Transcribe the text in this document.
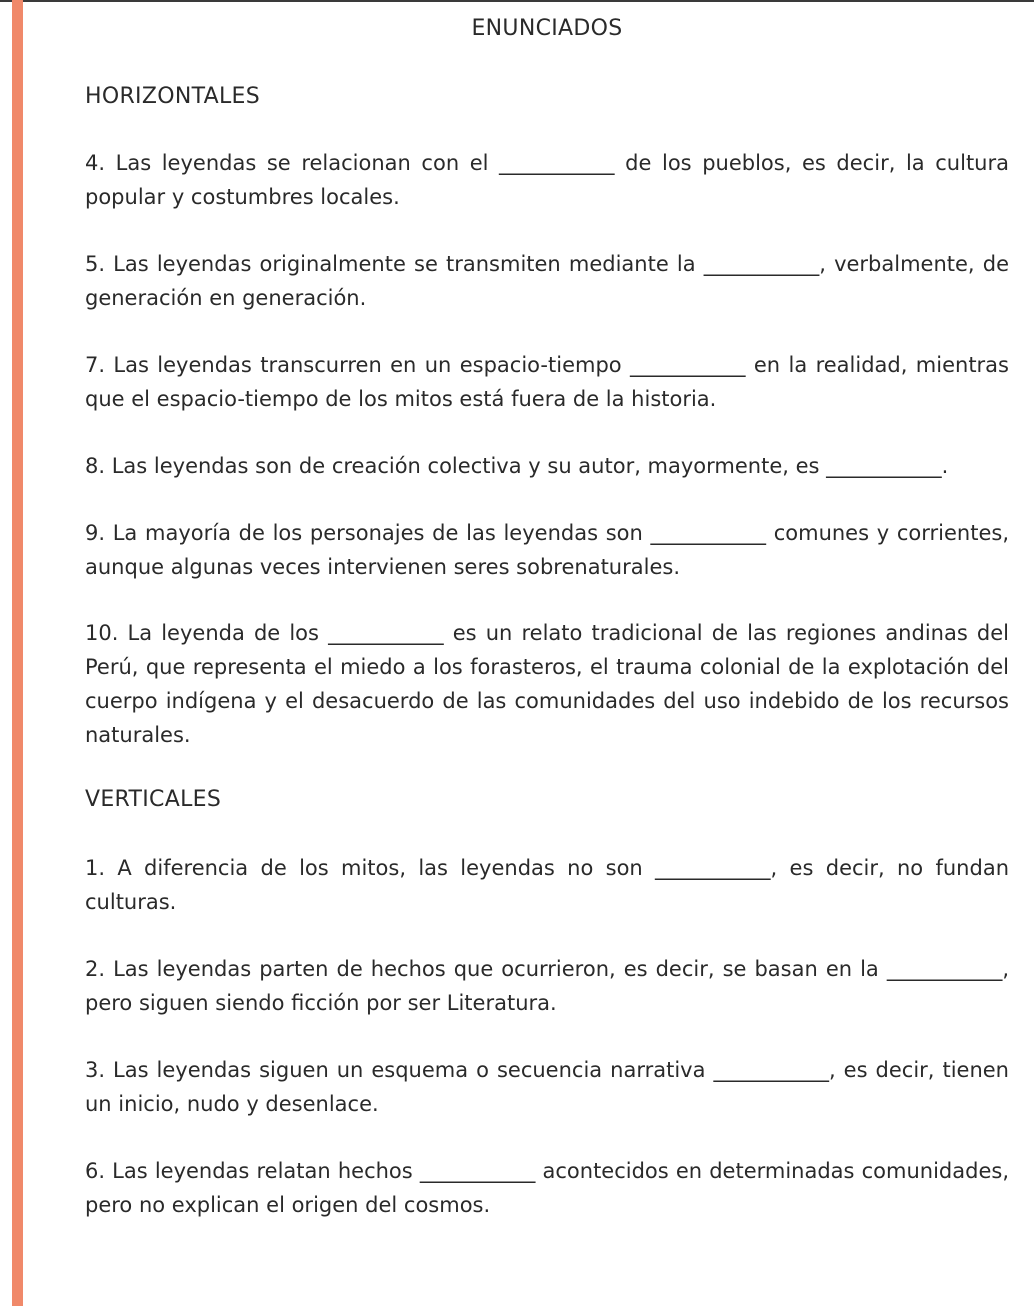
ENUNCIADOS
HORIZONTALES
4. Las leyendas se relacionan con el ___________ de los pueblos, es decir, la cultura popular y costumbres locales.
5. Las leyendas originalmente se transmiten mediante la ___________, verbalmente, de generación en generación.
7. Las leyendas transcurren en un espacio-tiempo ___________ en la realidad, mientras que el espacio-tiempo de los mitos está fuera de la historia.
8. Las leyendas son de creación colectiva y su autor, mayormente, es ___________.
9. La mayoría de los personajes de las leyendas son ___________ comunes y corrientes, aunque algunas veces intervienen seres sobrenaturales.
10. La leyenda de los ___________ es un relato tradicional de las regiones andinas del Perú, que representa el miedo a los forasteros, el trauma colonial de la explotación del cuerpo indígena y el desacuerdo de las comunidades del uso indebido de los recursos naturales.
VERTICALES
1. A diferencia de los mitos, las leyendas no son ___________, es decir, no fundan culturas.
2. Las leyendas parten de hechos que ocurrieron, es decir, se basan en la ___________, pero siguen siendo ficción por ser Literatura.
3. Las leyendas siguen un esquema o secuencia narrativa ___________, es decir, tienen un inicio, nudo y desenlace.
6. Las leyendas relatan hechos ___________ acontecidos en determinadas comunidades, pero no explican el origen del cosmos.
